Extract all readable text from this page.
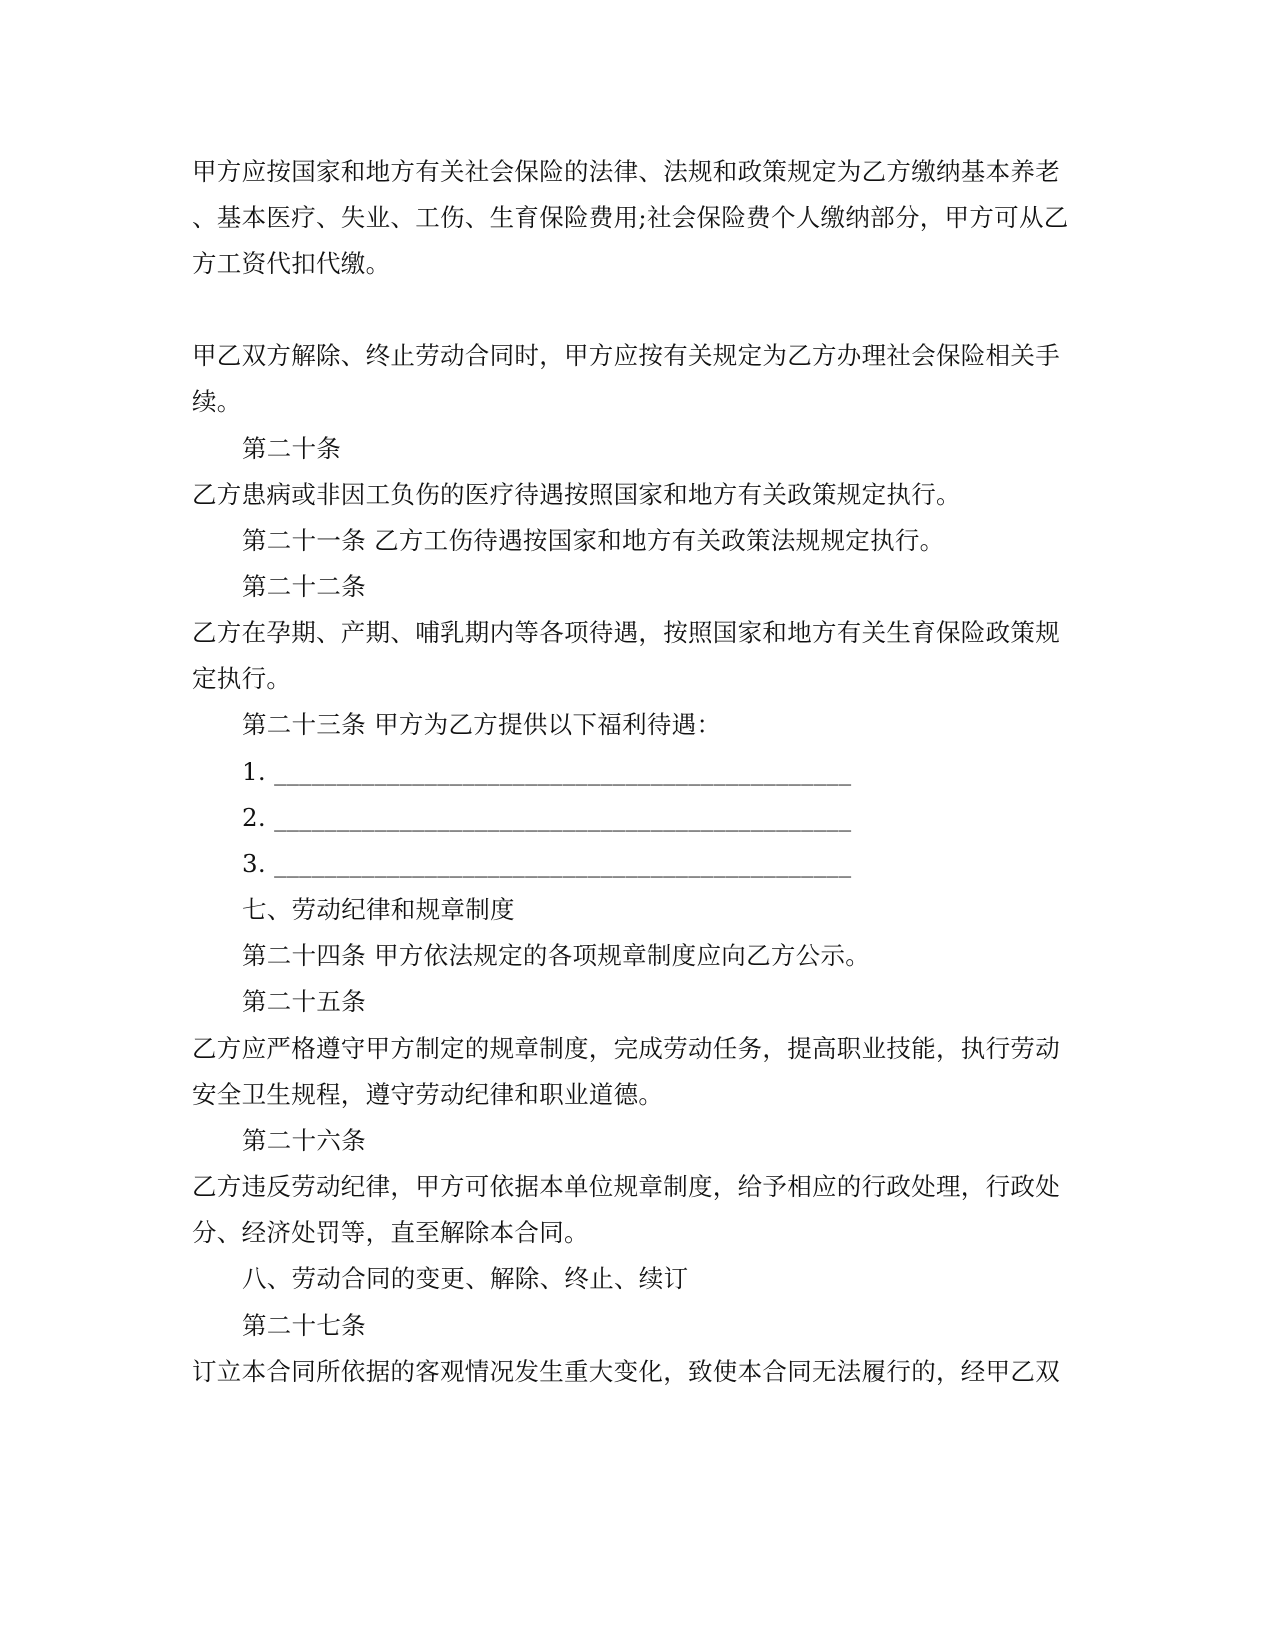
甲方应按国家和地方有关社会保险的法律、法规和政策规定为乙方缴纳基本养老
、基本医疗、失业、工伤、生育保险费用;社会保险费个人缴纳部分，甲方可从乙
方工资代扣代缴。
甲乙双方解除、终止劳动合同时，甲方应按有关规定为乙方办理社会保险相关手
续。
第二十条
乙方患病或非因工负伤的医疗待遇按照国家和地方有关政策规定执行。
第二十一条 乙方工伤待遇按国家和地方有关政策法规规定执行。
第二十二条
乙方在孕期、产期、哺乳期内等各项待遇，按照国家和地方有关生育保险政策规
定执行。
第二十三条 甲方为乙方提供以下福利待遇：
1. ______________________________________________
2. ______________________________________________
3. ______________________________________________
七、劳动纪律和规章制度
第二十四条 甲方依法规定的各项规章制度应向乙方公示。
第二十五条
乙方应严格遵守甲方制定的规章制度，完成劳动任务，提高职业技能，执行劳动
安全卫生规程，遵守劳动纪律和职业道德。
第二十六条
乙方违反劳动纪律，甲方可依据本单位规章制度，给予相应的行政处理，行政处
分、经济处罚等，直至解除本合同。
八、劳动合同的变更、解除、终止、续订
第二十七条
订立本合同所依据的客观情况发生重大变化，致使本合同无法履行的，经甲乙双
